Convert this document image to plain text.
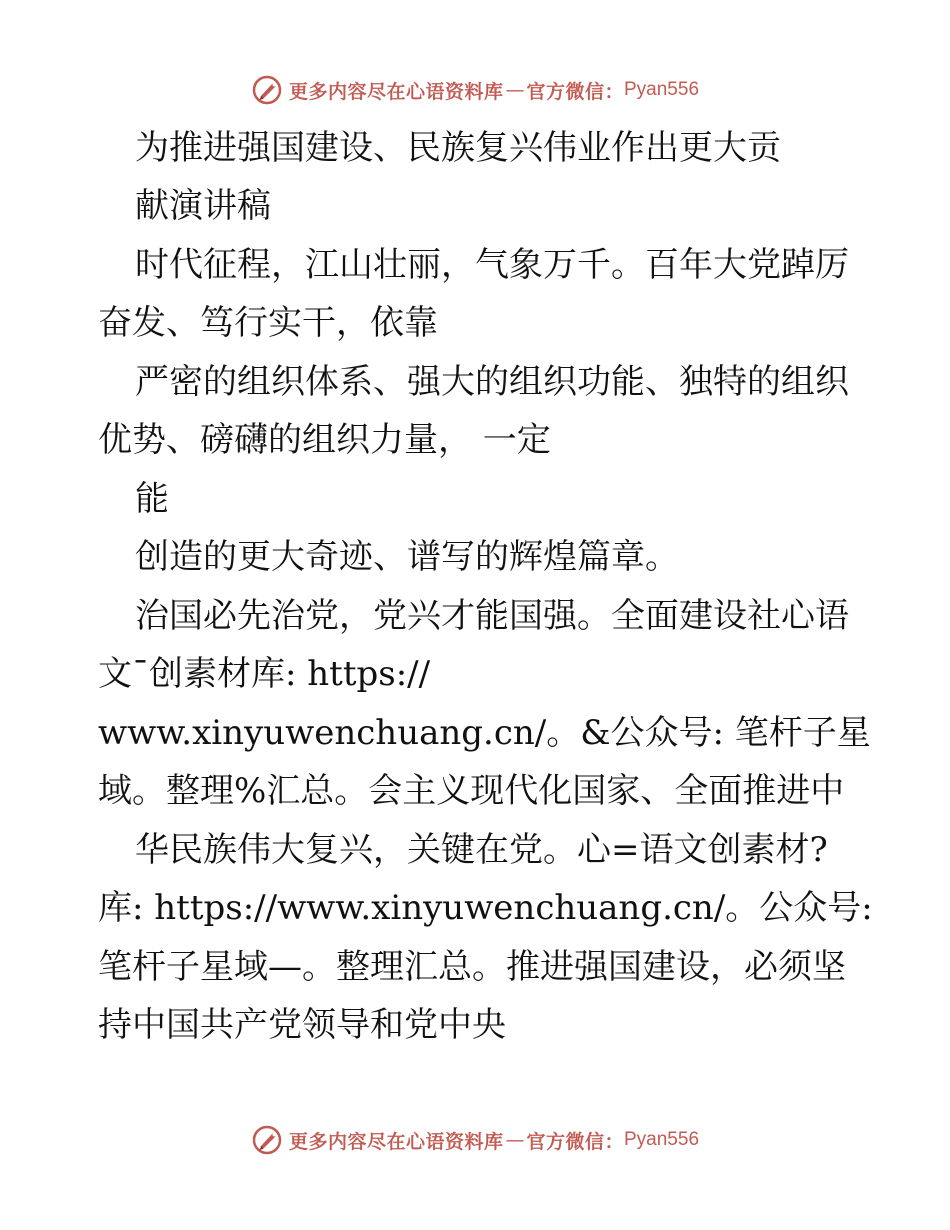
更多内容尽在心语资料库 — 官方微信： Pyan556
为推进强国建设、民族复兴伟业作出更大贡
献演讲稿
时代征程，江山壮丽，气象万千。百年大党踔厉
奋发、笃行实干，依靠
严密的组织体系、强大的组织功能、独特的组织
优势、磅礴的组织力量， 一定
能
创造的更大奇迹、谱写的辉煌篇章。
治国必先治党，党兴才能国强。全面建设社心语
文¯创素材库: https://
www.xinyuwenchuang.cn/。&公众号: 笔杆子星
域。整理%汇总。会主义现代化国家、全面推进中
华民族伟大复兴，关键在党。心=语文创素材?
库: https://www.xinyuwenchuang.cn/。公众号:
笔杆子星域—。整理汇总。推进强国建设，必须坚
持中国共产党领导和党中央
更多内容尽在心语资料库 — 官方微信： Pyan556
